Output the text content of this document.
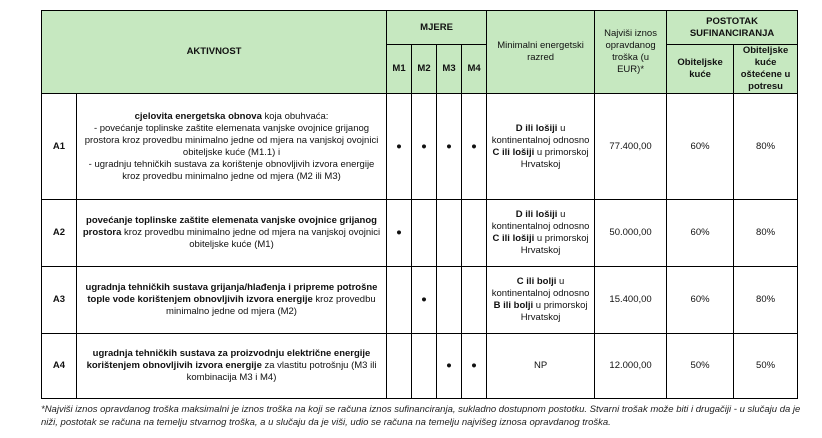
AKTIVNOST		MJERE				Minimalni energetski razred	Najviši iznos opravdanog troška (u EUR)*	POSTOTAK SUFINANCIRANJA	
		M1	M2	M3	M4			Obiteljske kuće	Obiteljske kuće oštećene u potresu
A1	cjelovita energetska obnova koja obuhvaća:
- povećanje toplinske zaštite elemenata vanjske ovojnice grijanog prostora kroz provedbu minimalno jedne od mjera na vanjskoj ovojnici obiteljske kuće (M1.1) i
- ugradnju tehničkih sustava za korištenje obnovljivih izvora energije kroz provedbu minimalno jedne od mjera (M2 ili M3)	●	●	●	●	D ili lošiji u kontinentalnoj odnosno C ili lošiji u primorskoj Hrvatskoj	77.400,00	60%	80%
A2	povećanje toplinske zaštite elemenata vanjske ovojnice grijanog prostora kroz provedbu minimalno jedne od mjera na vanjskoj ovojnici obiteljske kuće (M1)	●				D ili lošiji u kontinentalnoj odnosno C ili lošiji u primorskoj Hrvatskoj	50.000,00	60%	80%
A3	ugradnja tehničkih sustava grijanja/hlađenja i pripreme potrošne tople vode korištenjem obnovljivih izvora energije kroz provedbu minimalno jedne od mjera (M2)		●			C ili bolji u kontinentalnoj odnosno B ili bolji u primorskoj Hrvatskoj	15.400,00	60%	80%
A4	ugradnja tehničkih sustava za proizvodnju električne energije korištenjem obnovljivih izvora energije za vlastitu potrošnju (M3 ili kombinacija M3 i M4)			●	●	NP	12.000,00	50%	50%
*Najviši iznos opravdanog troška maksimalni je iznos troška na koji se računa iznos sufinanciranja, sukladno dostupnom postotku. Stvarni trošak može biti i drugačiji - u slučaju da je niži, postotak se računa na temelju stvarnog troška, a u slučaju da je viši, udio se računa na temelju najvišeg iznosa opravdanog troška.
